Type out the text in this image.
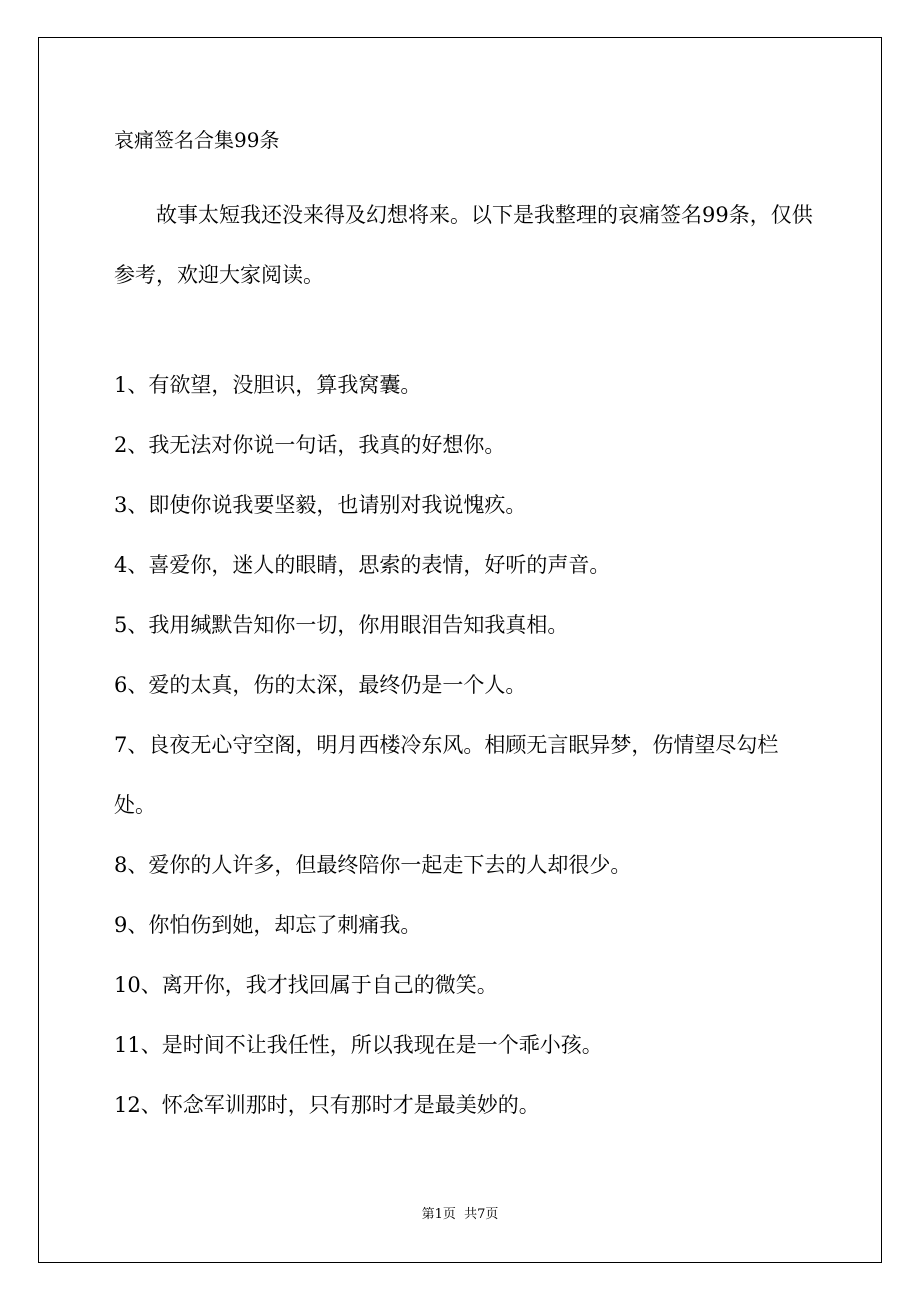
哀痛签名合集99条

故事太短我还没来得及幻想将来。以下是我整理的哀痛签名99条，仅供参考，欢迎大家阅读。

1、有欲望，没胆识，算我窝囊。
2、我无法对你说一句话，我真的好想你。
3、即使你说我要坚毅，也请别对我说愧疚。
4、喜爱你，迷人的眼睛，思索的表情，好听的声音。
5、我用缄默告知你一切，你用眼泪告知我真相。
6、爱的太真，伤的太深，最终仍是一个人。
7、良夜无心守空阁，明月西楼冷东风。相顾无言眠异梦，伤情望尽勾栏处。
8、爱你的人许多，但最终陪你一起走下去的人却很少。
9、你怕伤到她，却忘了刺痛我。
10、离开你，我才找回属于自己的微笑。
11、是时间不让我任性，所以我现在是一个乖小孩。
12、怀念军训那时，只有那时才是最美妙的。
第1页  共7页
